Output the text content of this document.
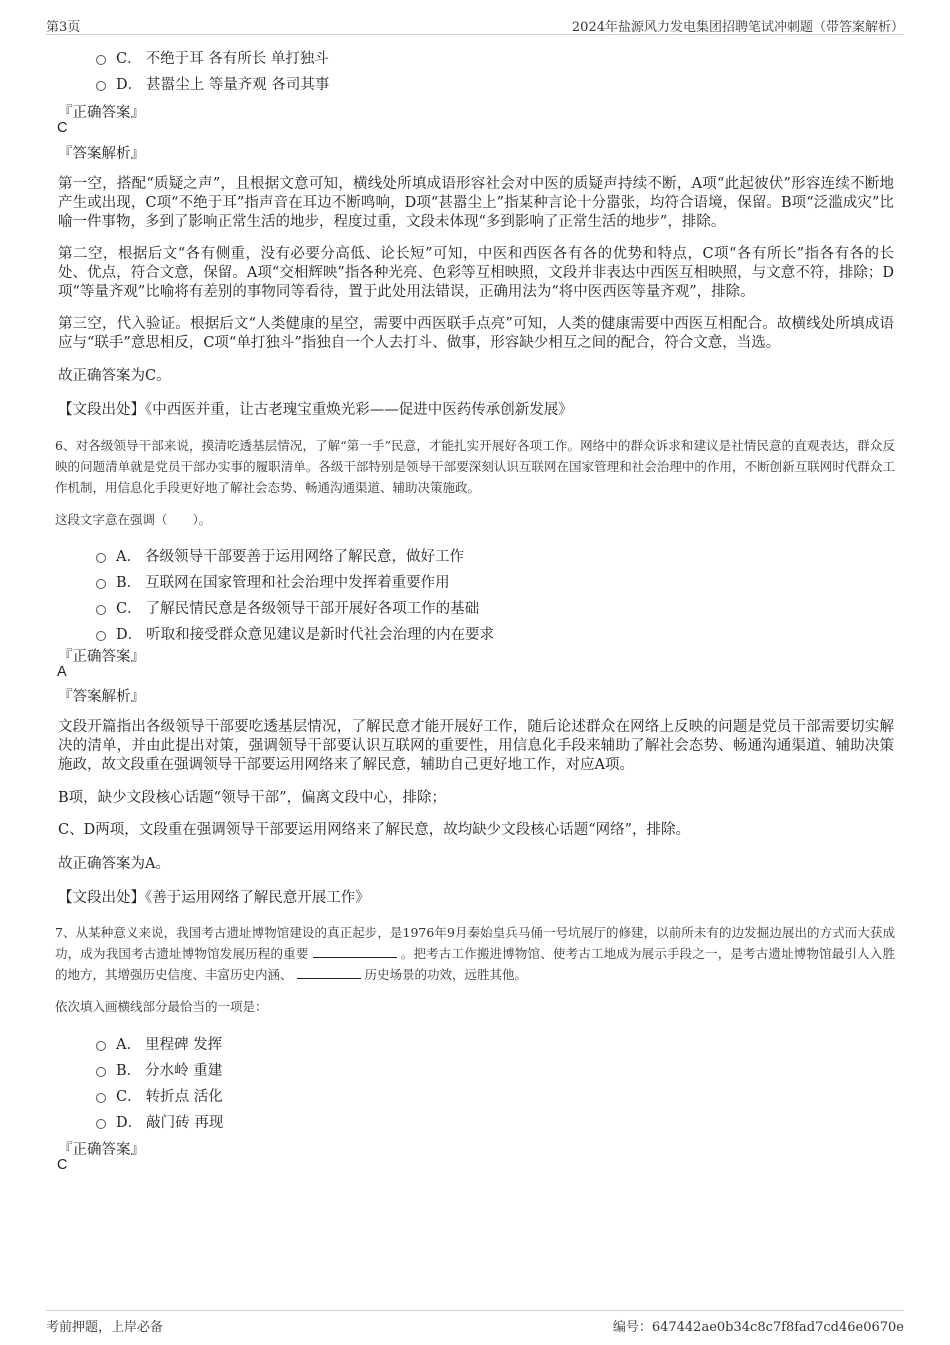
第3页	2024年盐源风力发电集团招聘笔试冲刺题（带答案解析）
C． 不绝于耳 各有所长 单打独斗
D． 甚嚣尘上 等量齐观 各司其事
『正确答案』
C
『答案解析』
第一空，搭配“质疑之声”，且根据文意可知，横线处所填成语形容社会对中医的质疑声持续不断，A项“此起彼伏”形容连续不断地产生或出现，C项“不绝于耳”指声音在耳边不断鸣响，D项“甚嚣尘上”指某种言论十分嚣张，均符合语境，保留。B项“泛滥成灾”比喻一件事物，多到了影响正常生活的地步，程度过重，文段未体现“多到影响了正常生活的地步”，排除。
第二空，根据后文“各有侧重，没有必要分高低、论长短”可知，中医和西医各有各的优势和特点，C项“各有所长”指各有各的长处、优点，符合文意，保留。A项“交相辉映”指各种光亮、色彩等互相映照，文段并非表达中西医互相映照，与文意不符，排除；D项“等量齐观”比喻将有差别的事物同等看待，置于此处用法错误，正确用法为“将中医西医等量齐观”，排除。
第三空，代入验证。根据后文“人类健康的星空，需要中西医联手点亮”可知，人类的健康需要中西医互相配合。故横线处所填成语应与“联手”意思相反，C项“单打独斗”指独自一个人去打斗、做事，形容缺少相互之间的配合，符合文意，当选。
故正确答案为C。
【文段出处】《中西医并重，让古老瑰宝重焕光彩——促进中医药传承创新发展》
6、对各级领导干部来说，摸清吃透基层情况，了解“第一手”民意，才能扎实开展好各项工作。网络中的群众诉求和建议是社情民意的直观表达，群众反映的问题清单就是党员干部办实事的履职清单。各级干部特别是领导干部要深刻认识互联网在国家管理和社会治理中的作用，不断创新互联网时代群众工作机制，用信息化手段更好地了解社会态势、畅通沟通渠道、辅助决策施政。
这段文字意在强调（　　）。
A． 各级领导干部要善于运用网络了解民意，做好工作
B． 互联网在国家管理和社会治理中发挥着重要作用
C． 了解民情民意是各级领导干部开展好各项工作的基础
D． 听取和接受群众意见建议是新时代社会治理的内在要求
『正确答案』
A
『答案解析』
文段开篇指出各级领导干部要吃透基层情况，了解民意才能开展好工作，随后论述群众在网络上反映的问题是党员干部需要切实解决的清单，并由此提出对策，强调领导干部要认识互联网的重要性，用信息化手段来辅助了解社会态势、畅通沟通渠道、辅助决策施政，故文段重在强调领导干部要运用网络来了解民意，辅助自己更好地工作，对应A项。
B项，缺少文段核心话题“领导干部”，偏离文段中心，排除；
C、D两项，文段重在强调领导干部要运用网络来了解民意，故均缺少文段核心话题“网络”，排除。
故正确答案为A。
【文段出处】《善于运用网络了解民意开展工作》
7、从某种意义来说，我国考古遗址博物馆建设的真正起步，是1976年9月秦始皇兵马俑一号坑展厅的修建，以前所未有的边发掘边展出的方式而大获成功，成为我国考古遗址博物馆发展历程的重要	。把考古工作搬进博物馆、使考古工地成为展示手段之一，是考古遗址博物馆最引人入胜的地方，其增强历史信度、丰富历史内涵、	历史场景的功效，远胜其他。
依次填入画横线部分最恰当的一项是：
A． 里程碑 发挥
B． 分水岭 重建
C． 转折点 活化
D． 敲门砖 再现
『正确答案』
C
考前押题，上岸必备	编号：647442ae0b34c8c7f8fad7cd46e0670e
